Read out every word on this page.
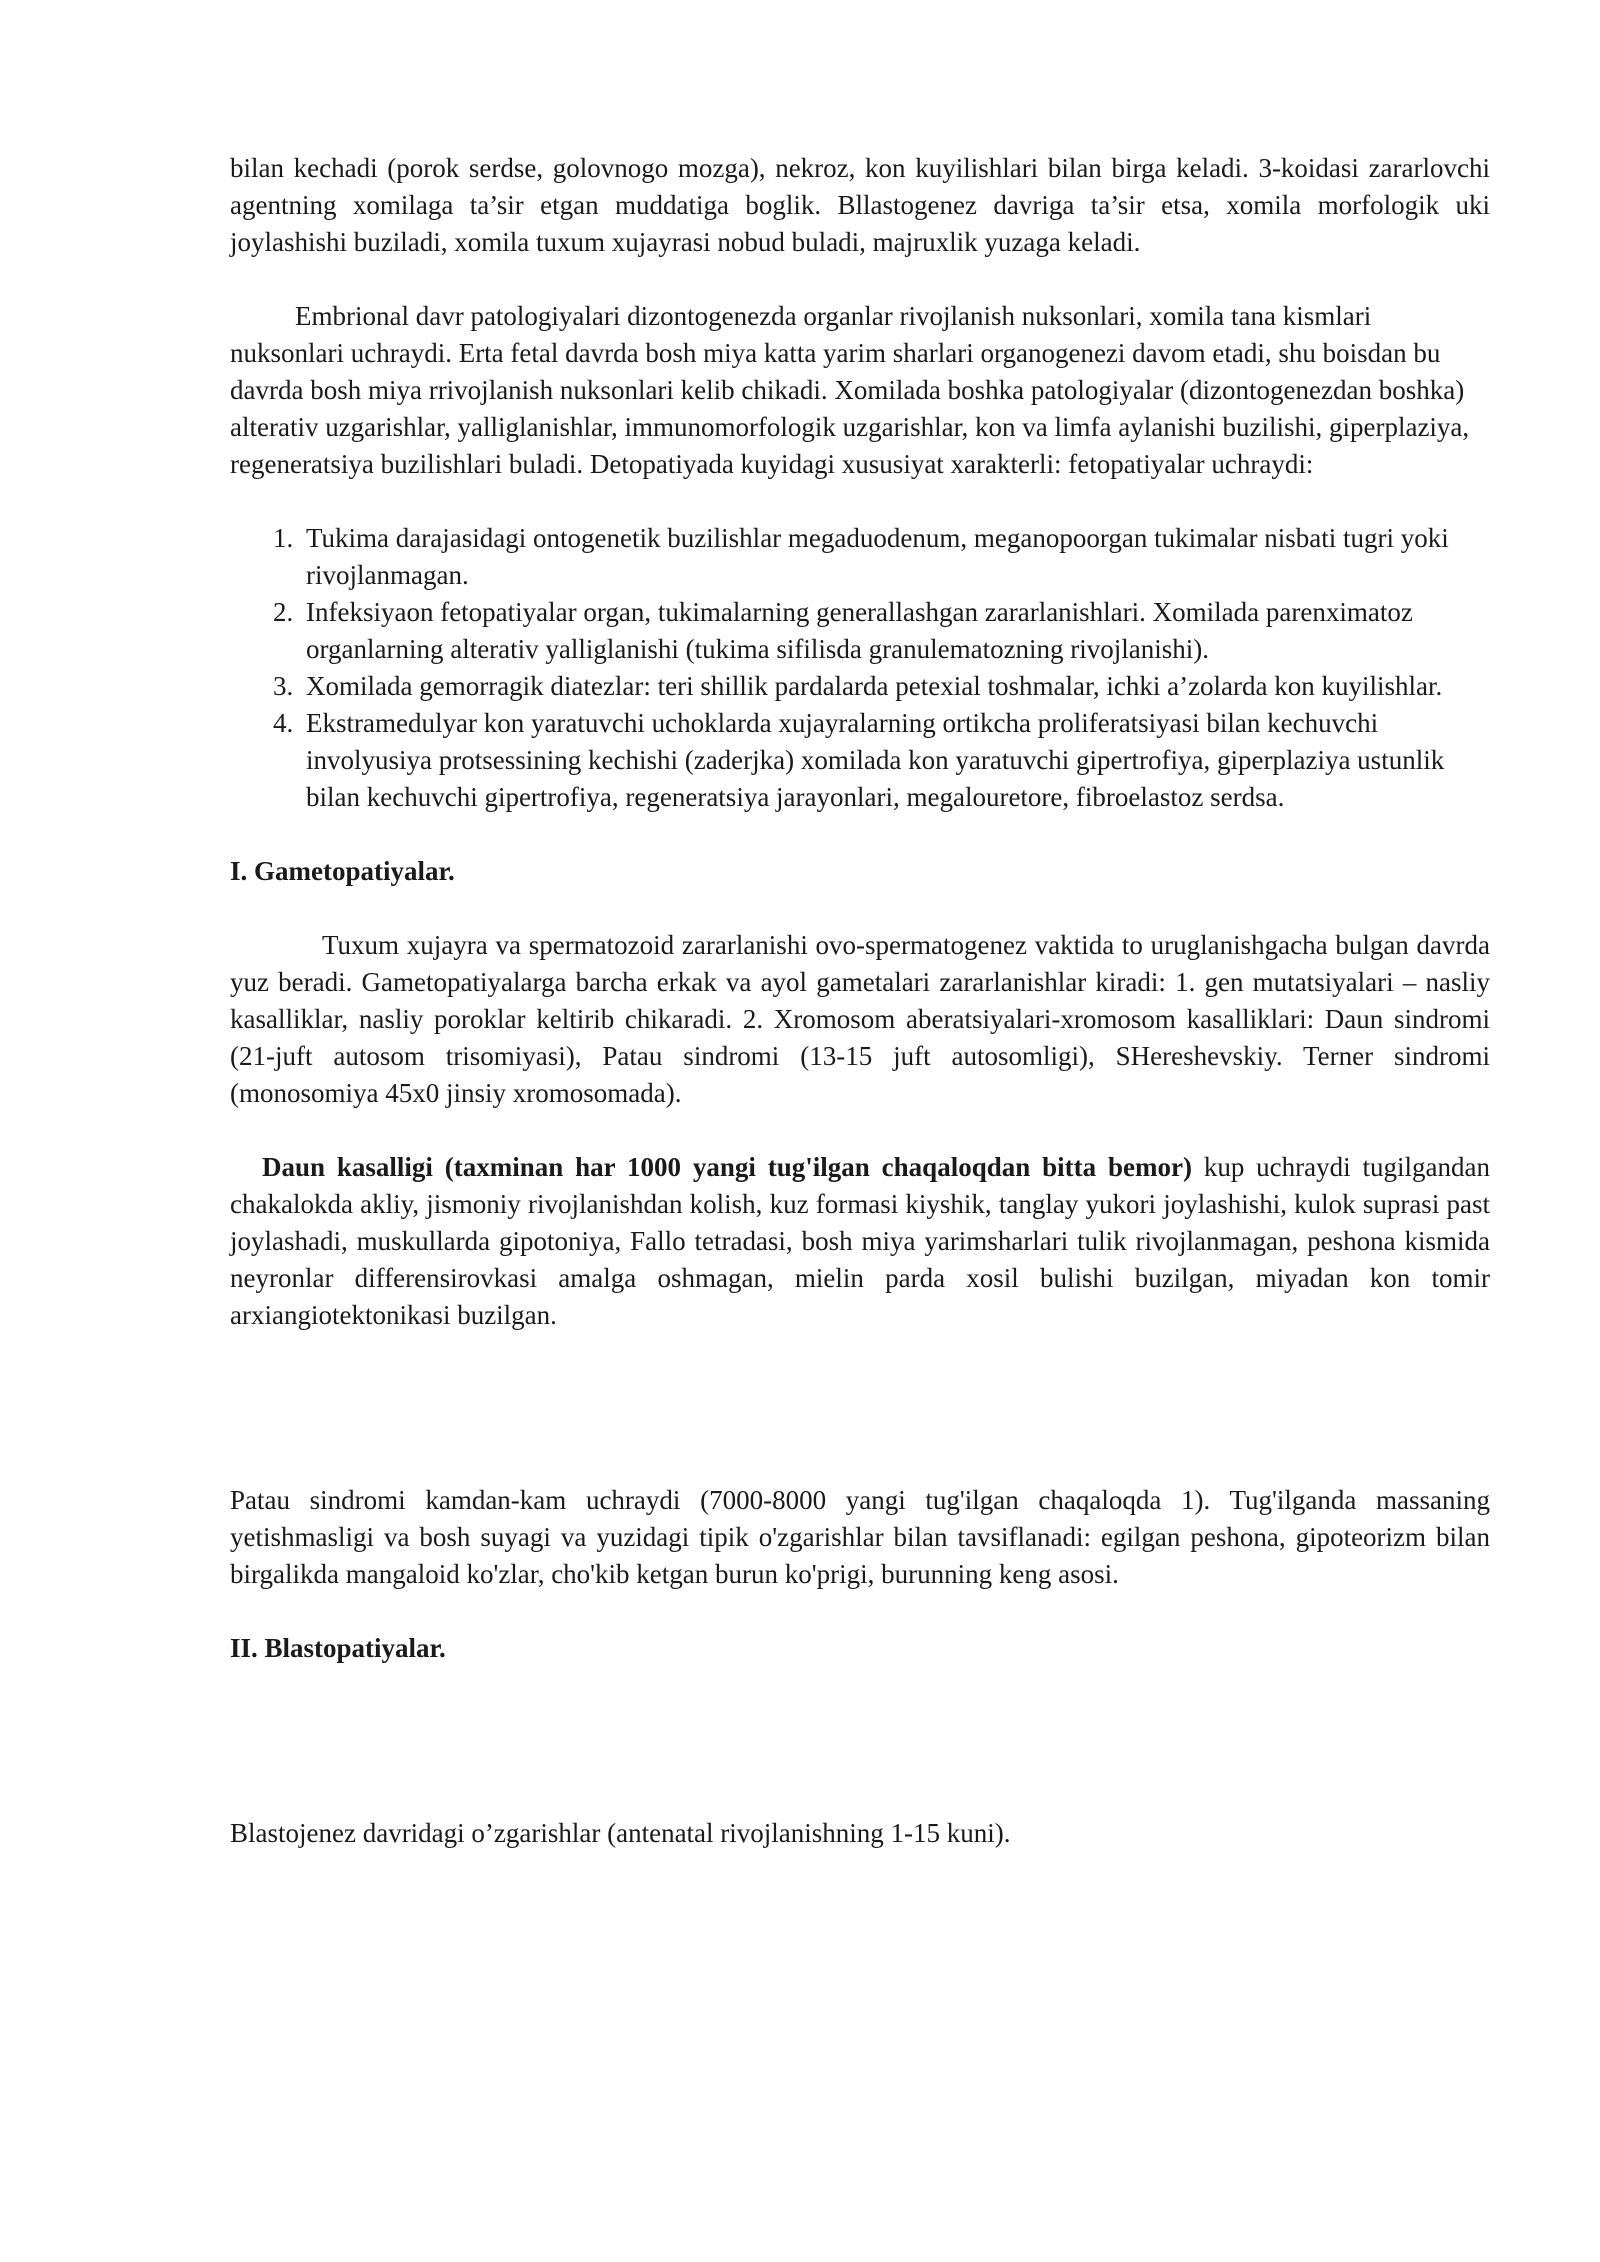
bilan kechadi (porok serdse, golovnogo mozga), nekroz, kon kuyilishlari bilan birga keladi. 3-koidasi zararlovchi agentning xomilaga ta’sir etgan muddatiga boglik. Bllastogenez davriga ta’sir etsa, xomila morfologik uki joylashishi buziladi, xomila tuxum xujayrasi nobud buladi, majruxlik yuzaga keladi.

Embrional davr patologiyalari dizontogenezda organlar rivojlanish nuksonlari, xomila tana kismlari nuksonlari uchraydi. Erta fetal davrda bosh miya katta yarim sharlari organogenezi davom etadi, shu boisdan bu davrda bosh miya rrivojlanish nuksonlari kelib chikadi. Xomilada boshka patologiyalar (dizontogenezdan boshka) alterativ uzgarishlar, yalliglanishlar, immunomorfologik uzgarishlar, kon va limfa aylanishi buzilishi, giperplaziya, regeneratsiya buzilishlari buladi. Detopatiyada kuyidagi xususiyat xarakterli: fetopatiyalar uchraydi:

1. Tukima darajasidagi ontogenetik buzilishlar megaduodenum, meganopoorgan tukimalar nisbati tugri yoki rivojlanmagan.
2. Infeksiyaon fetopatiyalar organ, tukimalarning generallashgan zararlanishlari. Xomilada parenximatoz organlarning alterativ yalliglanishi (tukima sifilisda granulematozning rivojlanishi).
3. Xomilada gemorragik diatezlar: teri shillik pardalarda petexial toshmalar, ichki a’zolarda kon kuyilishlar.
4. Ekstramedulyar kon yaratuvchi uchoklarda xujayralarning ortikcha proliferatsiyasi bilan kechuvchi involyusiya protsessining kechishi (zaderjka) xomilada kon yaratuvchi gipertrofiya, giperplaziya ustunlik bilan kechuvchi gipertrofiya, regeneratsiya jarayonlari, megalouretore, fibroelastoz serdsa.

I. Gametopatiyalar.

Tuxum xujayra va spermatozoid zararlanishi ovo-spermatogenez vaktida to uruglanishgacha bulgan davrda yuz beradi. Gametopatiyalarga barcha erkak va ayol gametalari zararlanishlar kiradi: 1. gen mutatsiyalari – nasliy kasalliklar, nasliy poroklar keltirib chikaradi. 2. Xromosom aberatsiyalari-xromosom kasalliklari: Daun sindromi (21-juft autosom trisomiyasi), Patau sindromi (13-15 juft autosomligi), SHereshevskiy. Terner sindromi (monosomiya 45x0 jinsiy xromosomada).

Daun kasalligi (taxminan har 1000 yangi tug'ilgan chaqaloqdan bitta bemor) kup uchraydi tugilgandan chakalokda akliy, jismoniy rivojlanishdan kolish, kuz formasi kiyshik, tanglay yukori joylashishi, kulok suprasi past joylashadi, muskullarda gipotoniya, Fallo tetradasi, bosh miya yarimsharlari tulik rivojlanmagan, peshona kismida neyronlar differensirovkasi amalga oshmagan, mielin parda xosil bulishi buzilgan, miyadan kon tomir arxiangiotektonikasi buzilgan.

Patau sindromi kamdan-kam uchraydi (7000-8000 yangi tug'ilgan chaqaloqda 1). Tug'ilganda massaning yetishmasligi va bosh suyagi va yuzidagi tipik o'zgarishlar bilan tavsiflanadi: egilgan peshona, gipoteorizm bilan birgalikda mangaloid ko'zlar, cho'kib ketgan burun ko'prigi, burunning keng asosi.

II. Blastopatiyalar.

Blastojenez davridagi o’zgarishlar (antenatal rivojlanishning 1-15 kuni).
